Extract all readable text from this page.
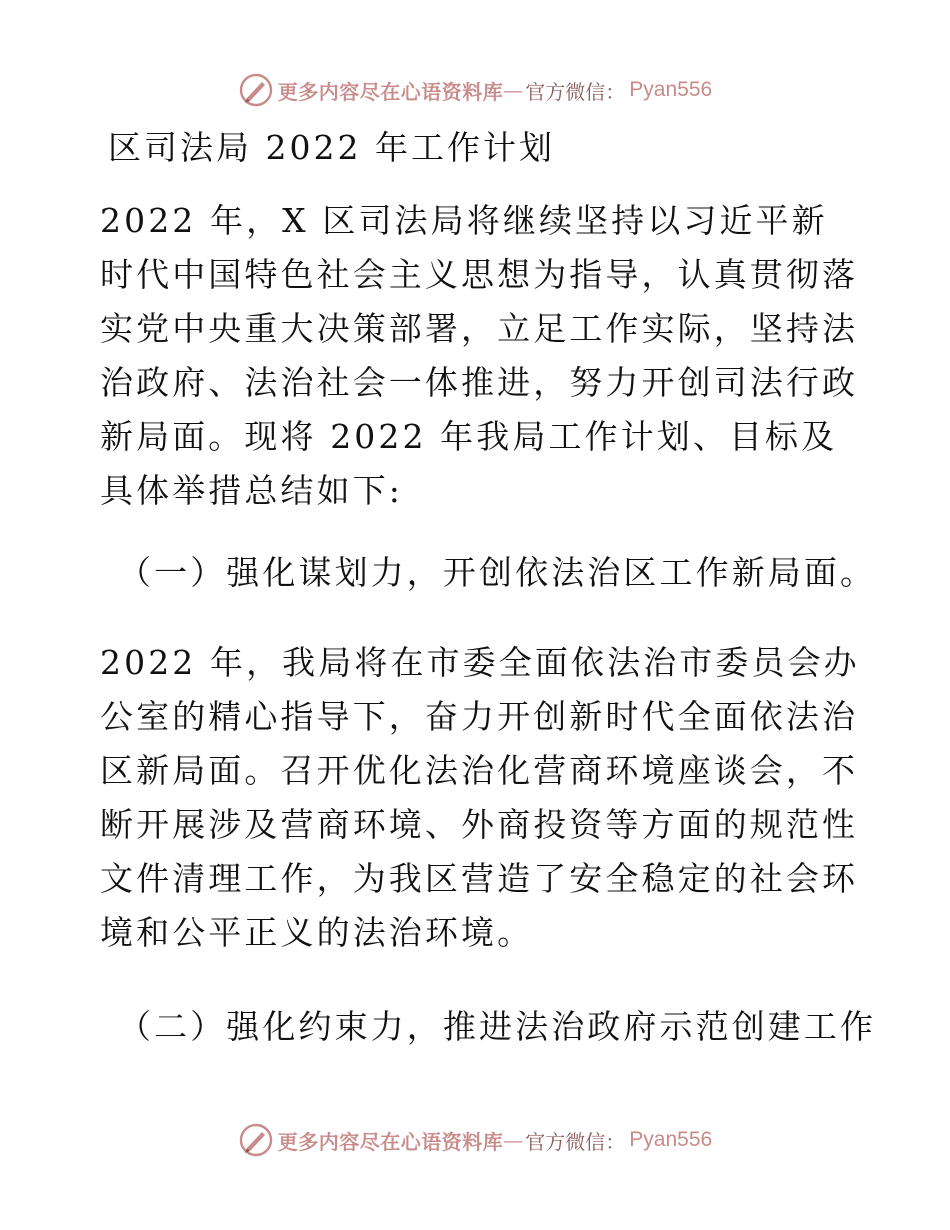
更多内容尽在心语资料库 — 官方微信： Pyan556
区司法局 2022 年工作计划

2022 年，X 区司法局将继续坚持以习近平新时代中国特色社会主义思想为指导，认真贯彻落实党中央重大决策部署，立足工作实际，坚持法治政府、法治社会一体推进，努力开创司法行政新局面。现将 2022 年我局工作计划、目标及具体举措总结如下:

（一）强化谋划力，开创依法治区工作新局面。

2022 年，我局将在市委全面依法治市委员会办公室的精心指导下，奋力开创新时代全面依法治区新局面。召开优化法治化营商环境座谈会，不断开展涉及营商环境、外商投资等方面的规范性文件清理工作，为我区营造了安全稳定的社会环境和公平正义的法治环境。

（二）强化约束力，推进法治政府示范创建工作

更多内容尽在心语资料库 — 官方微信： Pyan556
